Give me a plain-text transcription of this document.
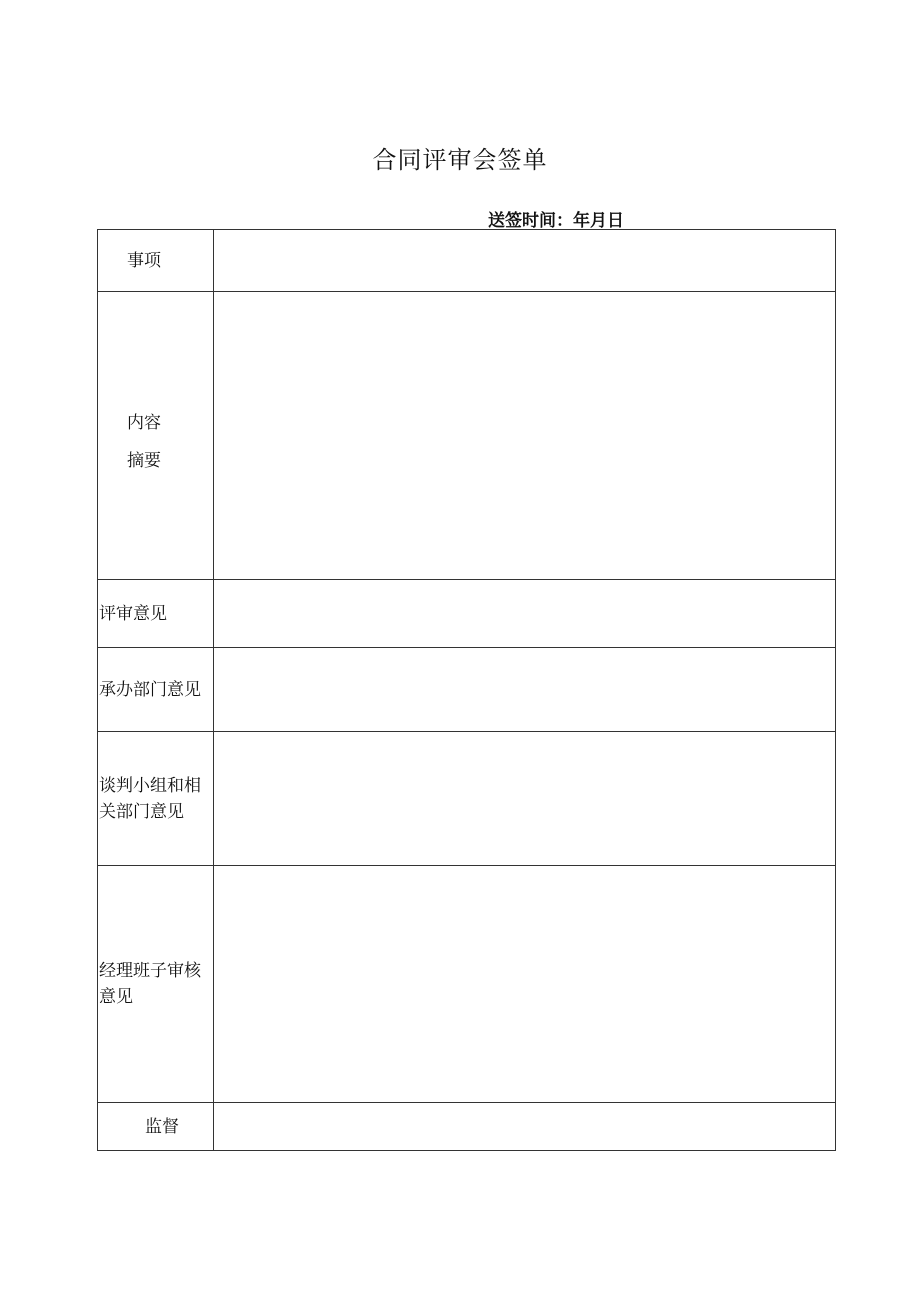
合同评审会签单
送签时间：年月日
事项
内容
摘要
评审意见
承办部门意见
谈判小组和相
关部门意见
经理班子审核
意见
监督
